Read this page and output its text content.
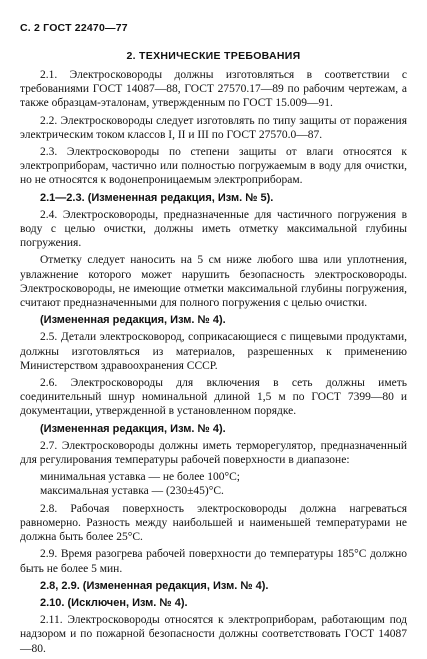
С. 2 ГОСТ 22470—77
2. ТЕХНИЧЕСКИЕ ТРЕБОВАНИЯ

2.1. Электросковороды должны изготовляться в соответствии с требованиями ГОСТ 14087—88, ГОСТ 27570.17—89 по рабочим чертежам, а также образцам-эталонам, утвержденным по ГОСТ 15.009—91.

2.2. Электросковороды следует изготовлять по типу защиты от поражения электрическим током классов I, II и III по ГОСТ 27570.0—87.

2.3. Электросковороды по степени защиты от влаги относятся к электроприборам, частично или полностью погружаемым в воду для очистки, но не относятся к водонепроницаемым электроприборам.

2.1—2.3. (Измененная редакция, Изм. № 5).

2.4. Электросковороды, предназначенные для частичного погружения в воду с целью очистки, должны иметь отметку максимальной глубины погружения.

Отметку следует наносить на 5 см ниже любого шва или уплотнения, увлажнение которого может нарушить безопасность электросковороды. Электросковороды, не имеющие отметки максимальной глубины погружения, считают предназначенными для полного погружения с целью очистки.

(Измененная редакция, Изм. № 4).

2.5. Детали электросковород, соприкасающиеся с пищевыми продуктами, должны изготовляться из материалов, разрешенных к применению Министерством здравоохранения СССР.

2.6. Электросковороды для включения в сеть должны иметь соединительный шнур номинальной длиной 1,5 м по ГОСТ 7399—80 и документации, утвержденной в установленном порядке.

(Измененная редакция, Изм. № 4).

2.7. Электросковороды должны иметь терморегулятор, предназначенный для регулирования температуры рабочей поверхности в диапазоне:

минимальная уставка — не более 100°C;

максимальная уставка — (230±45)°C.

2.8. Рабочая поверхность электросковороды должна нагреваться равномерно. Разность между наибольшей и наименьшей температурами не должна быть более 25°C.

2.9. Время разогрева рабочей поверхности до температуры 185°C должно быть не более 5 мин.

2.8, 2.9. (Измененная редакция, Изм. № 4).

2.10. (Исключен, Изм. № 4).

2.11. Электросковороды относятся к электроприборам, работающим под надзором и по пожарной безопасности должны соответствовать ГОСТ 14087—80.
